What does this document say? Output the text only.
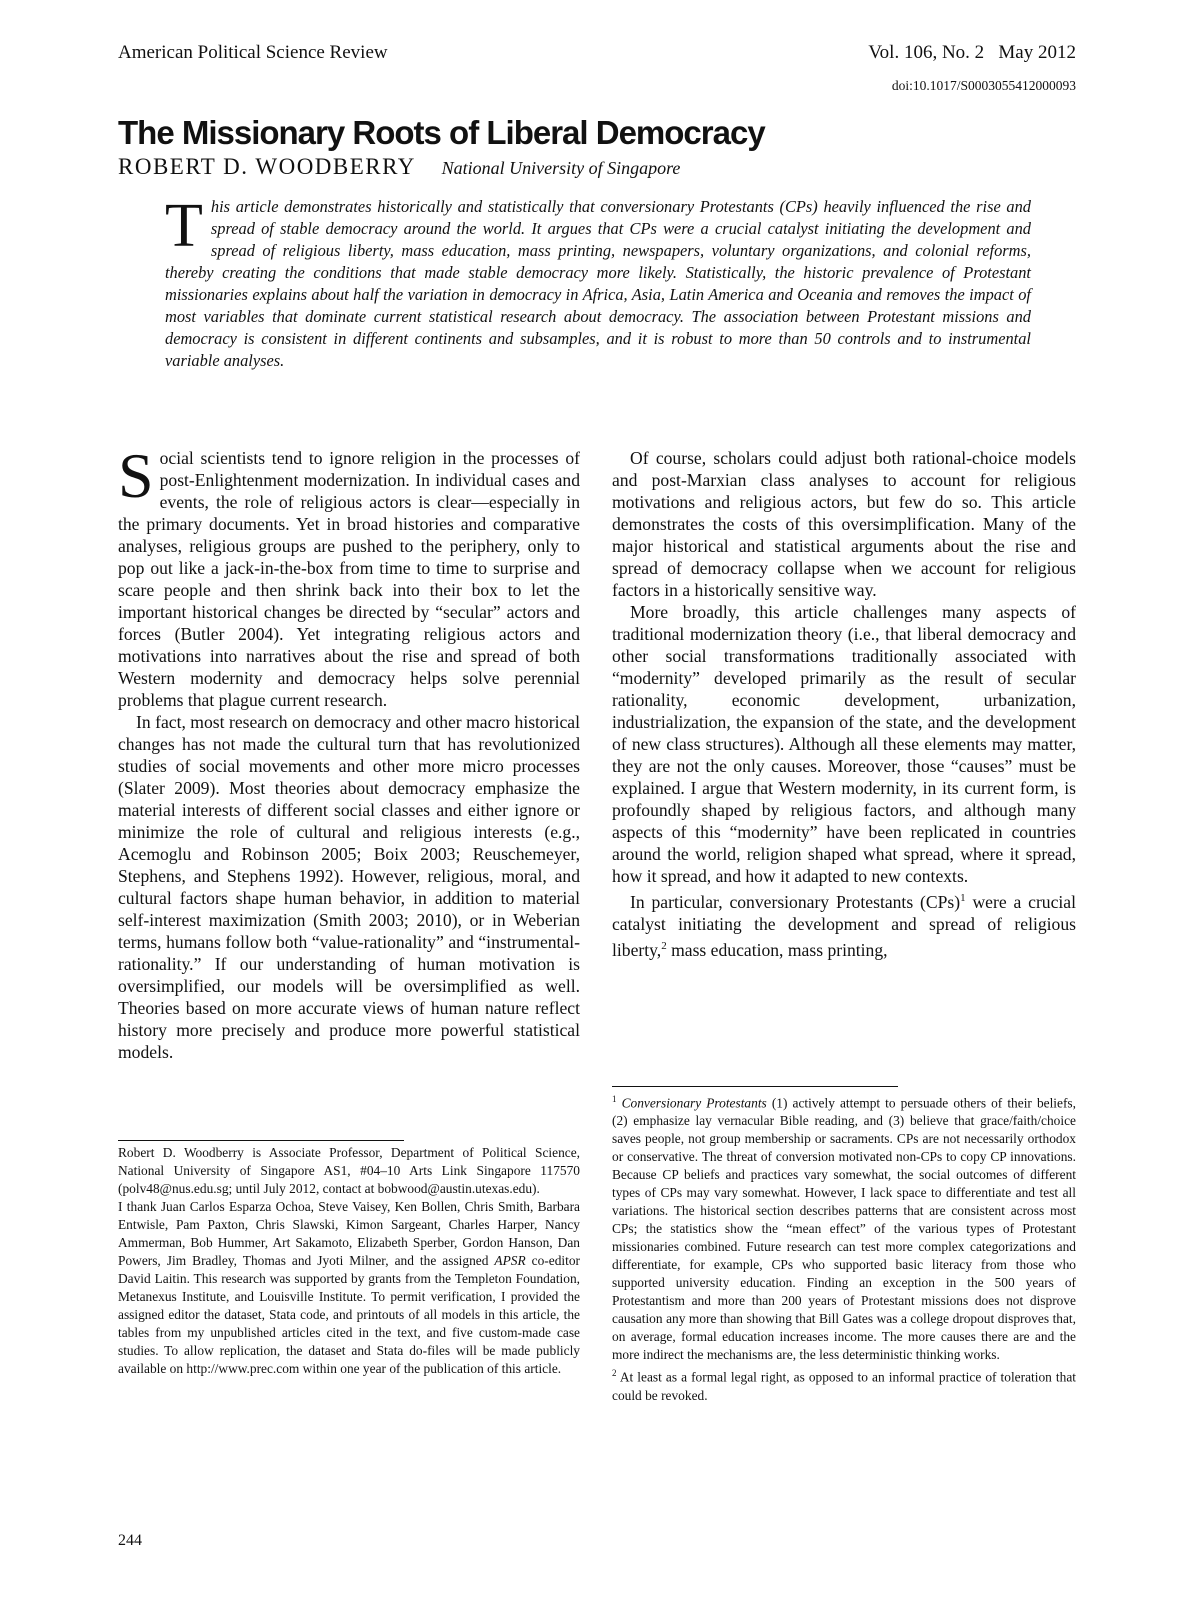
American Political Science Review	Vol. 106, No. 2   May 2012
doi:10.1017/S0003055412000093
The Missionary Roots of Liberal Democracy
ROBERT D. WOODBERRY National University of Singapore

This article demonstrates historically and statistically that conversionary Protestants (CPs) heavily influenced the rise and spread of stable democracy around the world. It argues that CPs were a crucial catalyst initiating the development and spread of religious liberty, mass education, mass printing, newspapers, voluntary organizations, and colonial reforms, thereby creating the conditions that made stable democracy more likely. Statistically, the historic prevalence of Protestant missionaries explains about half the variation in democracy in Africa, Asia, Latin America and Oceania and removes the impact of most variables that dominate current statistical research about democracy. The association between Protestant missions and democracy is consistent in different continents and subsamples, and it is robust to more than 50 controls and to instrumental variable analyses.

Social scientists tend to ignore religion in the processes of post-Enlightenment modernization. In individual cases and events, the role of religious actors is clear—especially in the primary documents. Yet in broad histories and comparative analyses, religious groups are pushed to the periphery, only to pop out like a jack-in-the-box from time to time to surprise and scare people and then shrink back into their box to let the important historical changes be directed by “secular” actors and forces (Butler 2004). Yet integrating religious actors and motivations into narratives about the rise and spread of both Western modernity and democracy helps solve perennial problems that plague current research.

In fact, most research on democracy and other macro historical changes has not made the cultural turn that has revolutionized studies of social movements and other more micro processes (Slater 2009). Most theories about democracy emphasize the material interests of different social classes and either ignore or minimize the role of cultural and religious interests (e.g., Acemoglu and Robinson 2005; Boix 2003; Reuschemeyer, Stephens, and Stephens 1992). However, religious, moral, and cultural factors shape human behavior, in addition to material self-interest maximization (Smith 2003; 2010), or in Weberian terms, humans follow both “value-rationality” and “instrumental-rationality.” If our understanding of human motivation is oversimplified, our models will be oversimplified as well. Theories based on more accurate views of human nature reflect history more precisely and produce more powerful statistical models.

Of course, scholars could adjust both rational-choice models and post-Marxian class analyses to account for religious motivations and religious actors, but few do so. This article demonstrates the costs of this oversimplification. Many of the major historical and statistical arguments about the rise and spread of democracy collapse when we account for religious factors in a historically sensitive way.

More broadly, this article challenges many aspects of traditional modernization theory (i.e., that liberal democracy and other social transformations traditionally associated with “modernity” developed primarily as the result of secular rationality, economic development, urbanization, industrialization, the expansion of the state, and the development of new class structures). Although all these elements may matter, they are not the only causes. Moreover, those “causes” must be explained. I argue that Western modernity, in its current form, is profoundly shaped by religious factors, and although many aspects of this “modernity” have been replicated in countries around the world, religion shaped what spread, where it spread, how it spread, and how it adapted to new contexts.

In particular, conversionary Protestants (CPs)$^1$ were a crucial catalyst initiating the development and spread of religious liberty,$^2$ mass education, mass printing,

Robert D. Woodberry is Associate Professor, Department of Political Science, National University of Singapore AS1, #04–10 Arts Link Singapore 117570 (polv48@nus.edu.sg; until July 2012, contact at bobwood@austin.utexas.edu).

I thank Juan Carlos Esparza Ochoa, Steve Vaisey, Ken Bollen, Chris Smith, Barbara Entwisle, Pam Paxton, Chris Slawski, Kimon Sargeant, Charles Harper, Nancy Ammerman, Bob Hummer, Art Sakamoto, Elizabeth Sperber, Gordon Hanson, Dan Powers, Jim Bradley, Thomas and Jyoti Milner, and the assigned APSR co-editor David Laitin. This research was supported by grants from the Templeton Foundation, Metanexus Institute, and Louisville Institute. To permit verification, I provided the assigned editor the dataset, Stata code, and printouts of all models in this article, the tables from my unpublished articles cited in the text, and five custom-made case studies. To allow replication, the dataset and Stata do-files will be made publicly available on http://www.prec.com within one year of the publication of this article.

$^1$ Conversionary Protestants (1) actively attempt to persuade others of their beliefs, (2) emphasize lay vernacular Bible reading, and (3) believe that grace/faith/choice saves people, not group membership or sacraments. CPs are not necessarily orthodox or conservative. The threat of conversion motivated non-CPs to copy CP innovations. Because CP beliefs and practices vary somewhat, the social outcomes of different types of CPs may vary somewhat. However, I lack space to differentiate and test all variations. The historical section describes patterns that are consistent across most CPs; the statistics show the “mean effect” of the various types of Protestant missionaries combined. Future research can test more complex categorizations and differentiate, for example, CPs who supported basic literacy from those who supported university education. Finding an exception in the 500 years of Protestantism and more than 200 years of Protestant missions does not disprove causation any more than showing that Bill Gates was a college dropout disproves that, on average, formal education increases income. The more causes there are and the more indirect the mechanisms are, the less deterministic thinking works.

$^2$ At least as a formal legal right, as opposed to an informal practice of toleration that could be revoked.

244
